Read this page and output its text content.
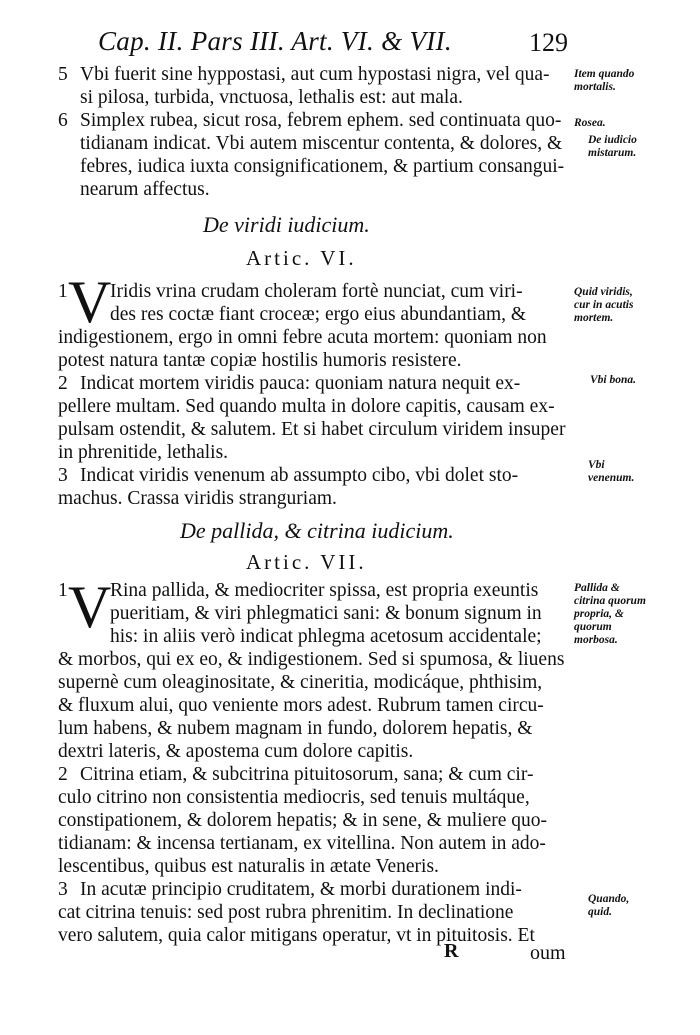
Cap. II. Pars III. Art. VI. & VII.	129
5 Vbi fuerit sine hyppostasi, aut cum hypostasi nigra, vel qua-
si pilosa, turbida, vnctuosa, lethalis est: aut mala.
6 Simplex rubea, sicut rosa, febrem ephem. sed continuata quo-
tidianam indicat. Vbi autem miscentur contenta, & dolores, &
febres, iudica iuxta consignificationem, & partium consangui-
nearum affectus.
De viridi iudicium.
Artic. VI.
V
1 Iridis vrina crudam choleram fortè nunciat, cum viri-
des res coctæ fiant croceæ; ergo eius abundantiam, &
indigestionem, ergo in omni febre acuta mortem: quoniam non
potest natura tantæ copiæ hostilis humoris resistere.
2 Indicat mortem viridis pauca: quoniam natura nequit ex-
pellere multam. Sed quando multa in dolore capitis, causam ex-
pulsam ostendit, & salutem. Et si habet circulum viridem insuper
in phrenitide, lethalis.
3 Indicat viridis venenum ab assumpto cibo, vbi dolet sto-
machus. Crassa viridis stranguriam.
De pallida, & citrina iudicium.
Artic. VII.
V
1 Rina pallida, & mediocriter spissa, est propria exeuntis
pueritiam, & viri phlegmatici sani: & bonum signum in
his: in aliis verò indicat phlegma acetosum accidentale;
& morbos, qui ex eo, & indigestionem. Sed si spumosa, & liuens
supernè cum oleaginositate, & cineritia, modicáque, phthisim,
& fluxum alui, quo veniente mors adest. Rubrum tamen circu-
lum habens, & nubem magnam in fundo, dolorem hepatis, &
dextri lateris, & apostema cum dolore capitis.
2 Citrina etiam, & subcitrina pituitosorum, sana; & cum cir-
culo citrino non consistentia mediocris, sed tenuis multáque,
constipationem, & dolorem hepatis; & in sene, & muliere quo-
tidianam: & incensa tertianam, ex vitellina. Non autem in ado-
lescentibus, quibus est naturalis in ætate Veneris.
3 In acutæ principio cruditatem, & morbi durationem indi-
cat citrina tenuis: sed post rubra phrenitim. In declinatione
vero salutem, quia calor mitigans operatur, vt in pituitosis. Et
R	oum
Item quando mortalis.
Rosea.
De iudicio mistarum.
Quid viridis, cur in acutis mortem.
Vbi bona.
Vbi venenum.
Pallida & citrina quorum propria, & quorum morbosa.
Quando, quid.
